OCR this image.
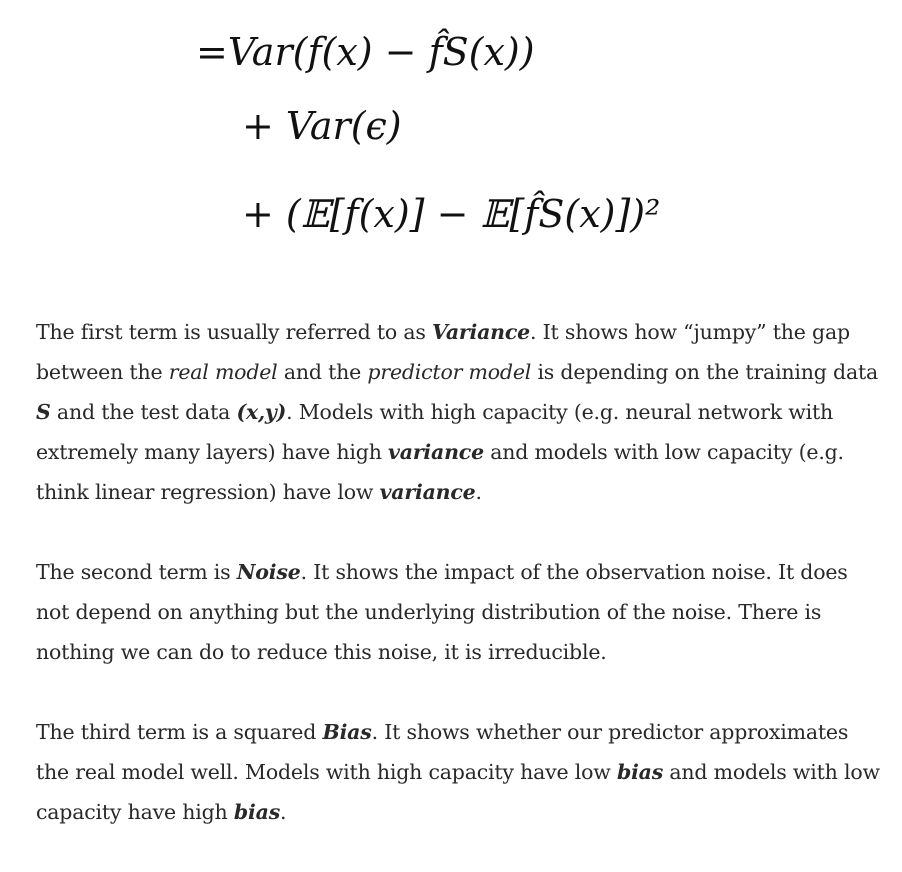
=Var(f(x) − f̂S(x))
+ Var(ϵ)
+ (𝔼[f(x)] − 𝔼[f̂S(x)])²

The first term is usually referred to as Variance. It shows how “jumpy” the gap between the real model and the predictor model is depending on the training data S and the test data (x,y). Models with high capacity (e.g. neural network with extremely many layers) have high variance and models with low capacity (e.g. think linear regression) have low variance.

The second term is Noise. It shows the impact of the observation noise. It does not depend on anything but the underlying distribution of the noise. There is nothing we can do to reduce this noise, it is irreducible.

The third term is a squared Bias. It shows whether our predictor approximates the real model well. Models with high capacity have low bias and models with low capacity have high bias.
